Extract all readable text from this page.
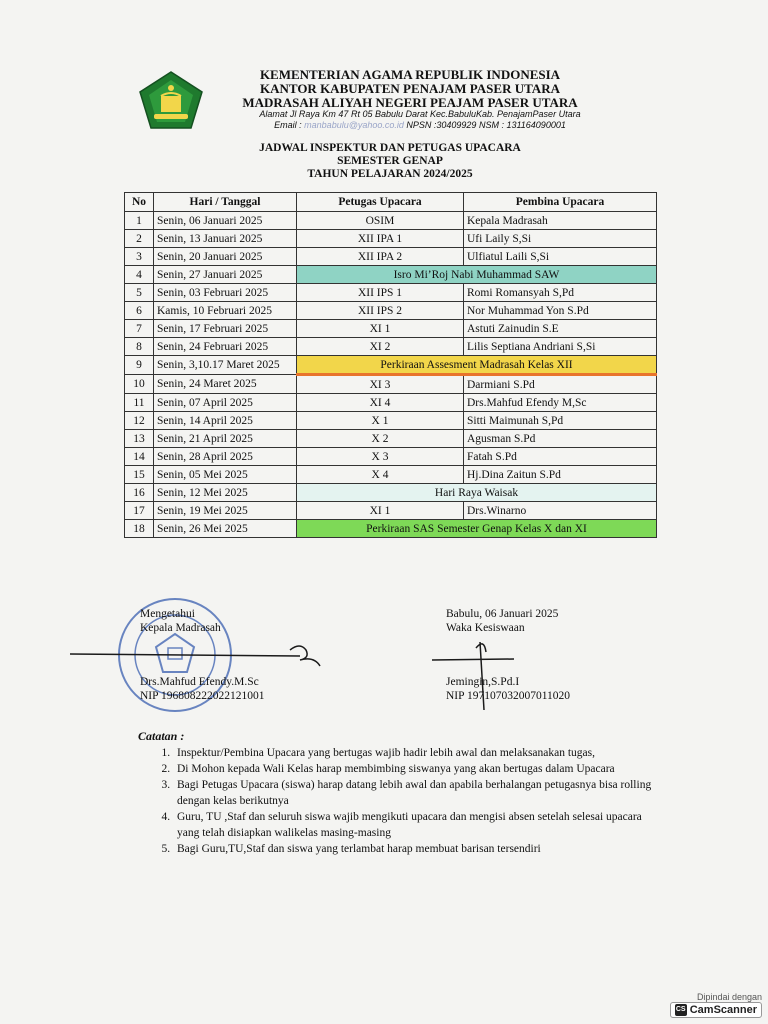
KEMENTERIAN AGAMA REPUBLIK INDONESIA
KANTOR KABUPATEN PENAJAM PASER UTARA
MADRASAH ALIYAH NEGERI PEAJAM PASER UTARA
Alamat Jl Raya Km 47 Rt 05 Babulu Darat Kec.BabuluKab. PenajamPaser Utara
Email : manbabulu@yahoo.co.id NPSN :30409929 NSM : 131164090001
JADWAL INSPEKTUR DAN PETUGAS UPACARA
SEMESTER GENAP
TAHUN PELAJARAN 2024/2025
No	Hari / Tanggal	Petugas Upacara	Pembina Upacara
1	Senin, 06 Januari 2025	OSIM	Kepala Madrasah
2	Senin, 13 Januari 2025	XII IPA 1	Ufi Laily S,Si
3	Senin, 20 Januari 2025	XII IPA 2	Ulfiatul Laili S,Si
4	Senin, 27 Januari 2025	Isro Mi’Roj Nabi Muhammad SAW	
5	Senin, 03 Februari 2025	XII IPS 1	Romi Romansyah S,Pd
6	Kamis, 10 Februari 2025	XII IPS 2	Nor Muhammad Yon S.Pd
7	Senin, 17 Februari 2025	XI 1	Astuti Zainudin S.E
8	Senin, 24 Februari 2025	XI 2	Lilis Septiana Andriani S,Si
9	Senin, 3,10.17 Maret 2025	Perkiraan Assesment Madrasah Kelas XII	
10	Senin, 24 Maret 2025	XI 3	Darmiani S.Pd
11	Senin, 07 April 2025	XI 4	Drs.Mahfud Efendy M,Sc
12	Senin, 14 April 2025	X 1	Sitti Maimunah S,Pd
13	Senin, 21 April 2025	X 2	Agusman S.Pd
14	Senin, 28 April 2025	X 3	Fatah S.Pd
15	Senin, 05 Mei 2025	X 4	Hj.Dina Zaitun S.Pd
16	Senin, 12 Mei 2025	Hari Raya Waisak	
17	Senin, 19 Mei 2025	XI 1	Drs.Winarno
18	Senin, 26 Mei 2025	Perkiraan SAS Semester Genap Kelas X dan XI	
Mengetahui
Kepala Madrasah
Drs.Mahfud Efendy.M.Sc
NIP 196808222022121001
Babulu, 06 Januari 2025
Waka Kesiswaan
Jemingin,S.Pd.I
NIP 197107032007011020
Catatan :
1. Inspektur/Pembina Upacara yang bertugas wajib hadir lebih awal dan melaksanakan tugas,
2. Di Mohon kepada Wali Kelas harap membimbing siswanya yang akan bertugas dalam Upacara
3. Bagi Petugas Upacara (siswa) harap datang lebih awal dan apabila berhalangan petugasnya bisa rolling dengan kelas berikutnya
4. Guru, TU ,Staf dan seluruh siswa wajib mengikuti upacara dan mengisi absen setelah selesai upacara yang telah disiapkan walikelas masing-masing
5. Bagi Guru,TU,Staf dan siswa yang terlambat harap membuat barisan tersendiri
Dipindai dengan
CS CamScanner
